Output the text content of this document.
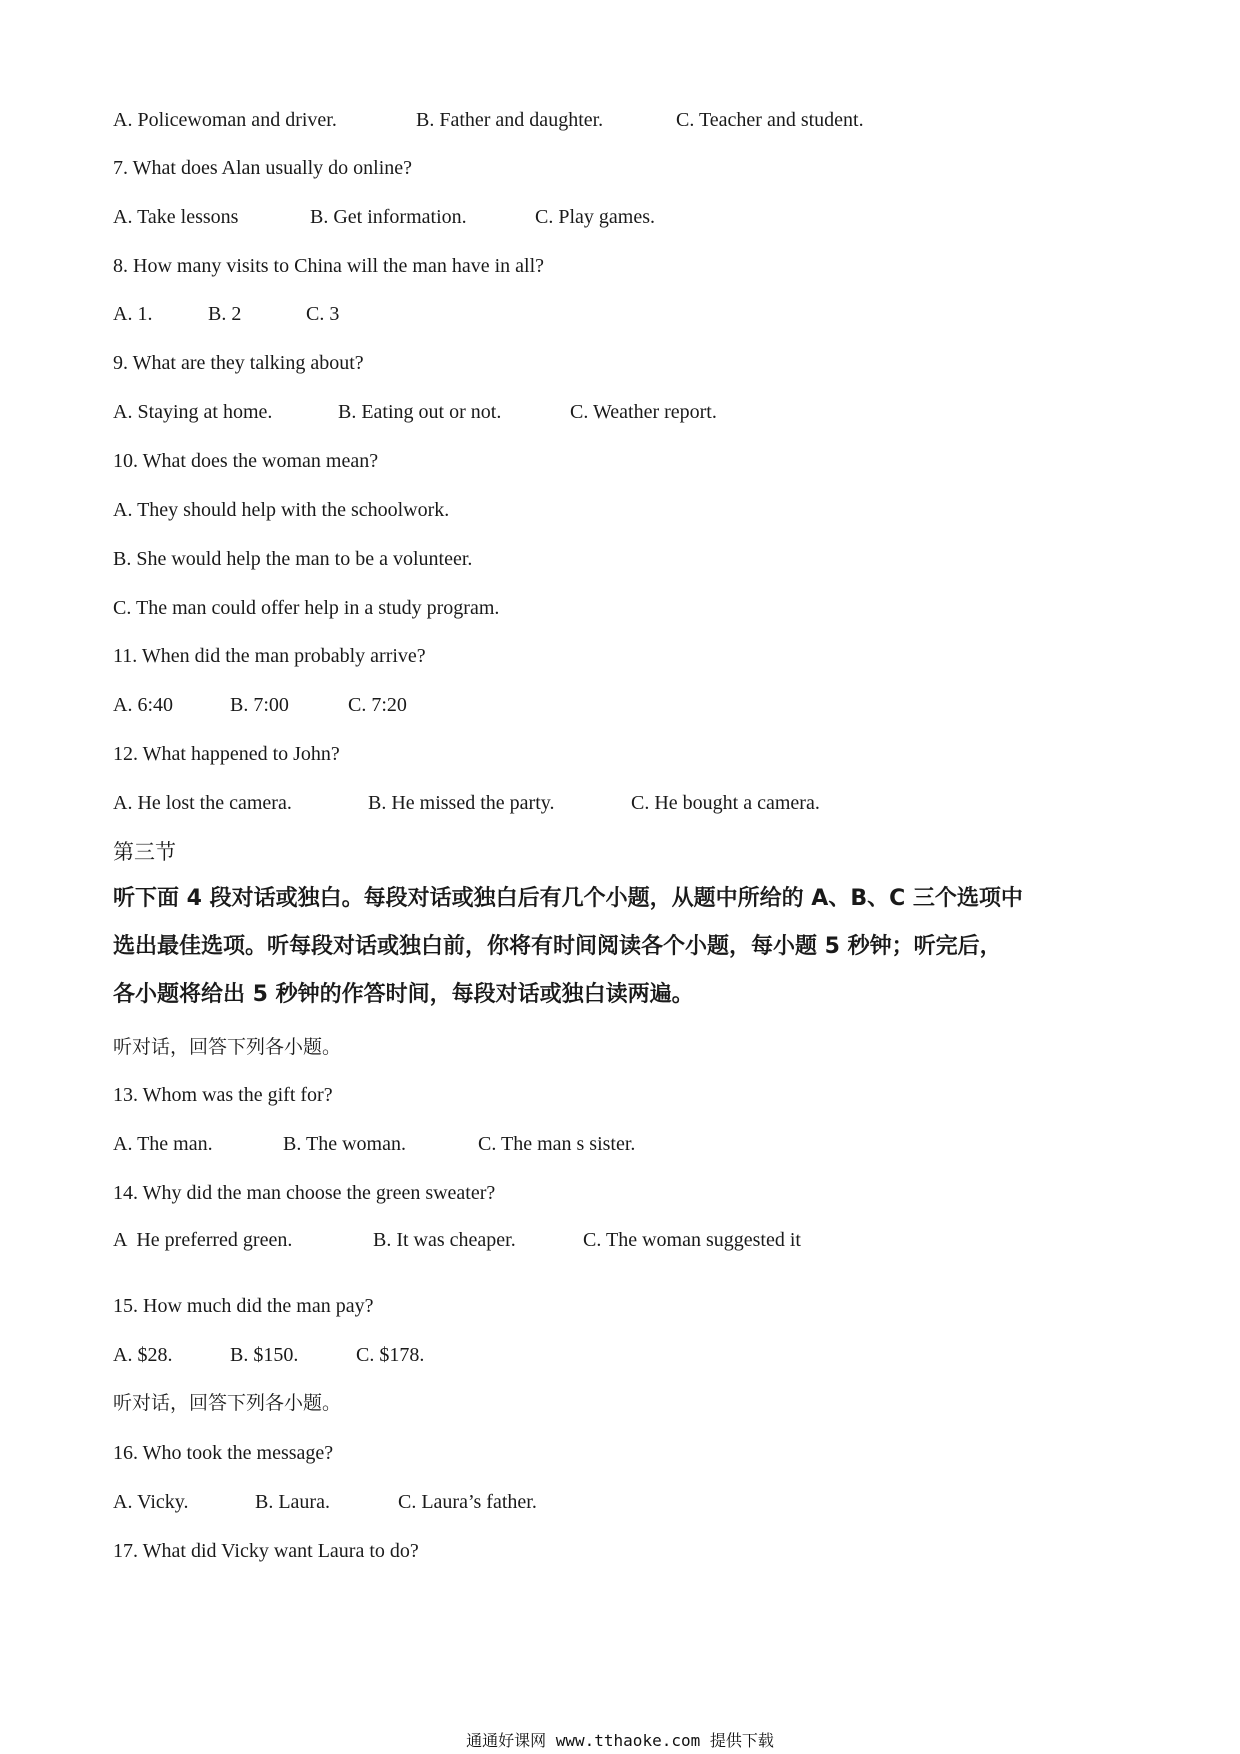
A. Policewoman and driver.	B. Father and daughter.	C. Teacher and student.
7. What does Alan usually do online?
A. Take lessons	B. Get information.	C. Play games.
8. How many visits to China will the man have in all?
A. 1.	B. 2	C. 3
9. What are they talking about?
A. Staying at home.	B. Eating out or not.	C. Weather report.
10. What does the woman mean?
A. They should help with the schoolwork.
B. She would help the man to be a volunteer.
C. The man could offer help in a study program.
11. When did the man probably arrive?
A. 6:40	B. 7:00	C. 7:20
12. What happened to John?
A. He lost the camera.	B. He missed the party.	C. He bought a camera.
第三节
听下面 4 段对话或独白。每段对话或独白后有几个小题，从题中所给的 A、B、C 三个选项中
选出最佳选项。听每段对话或独白前，你将有时间阅读各个小题，每小题 5 秒钟；听完后，
各小题将给出 5 秒钟的作答时间，每段对话或独白读两遍。
听对话，回答下列各小题。
13. Whom was the gift for?
A. The man.	B. The woman.	C. The man s sister.
14. Why did the man choose the green sweater?
A  He preferred green.	B. It was cheaper.	C. The woman suggested it
15. How much did the man pay?
A. $28.	B. $150.	C. $178.
听对话，回答下列各小题。
16. Who took the message?
A. Vicky.	B. Laura.	C. Laura’s father.
17. What did Vicky want Laura to do?
通通好课网 www.tthaoke.com 提供下载
